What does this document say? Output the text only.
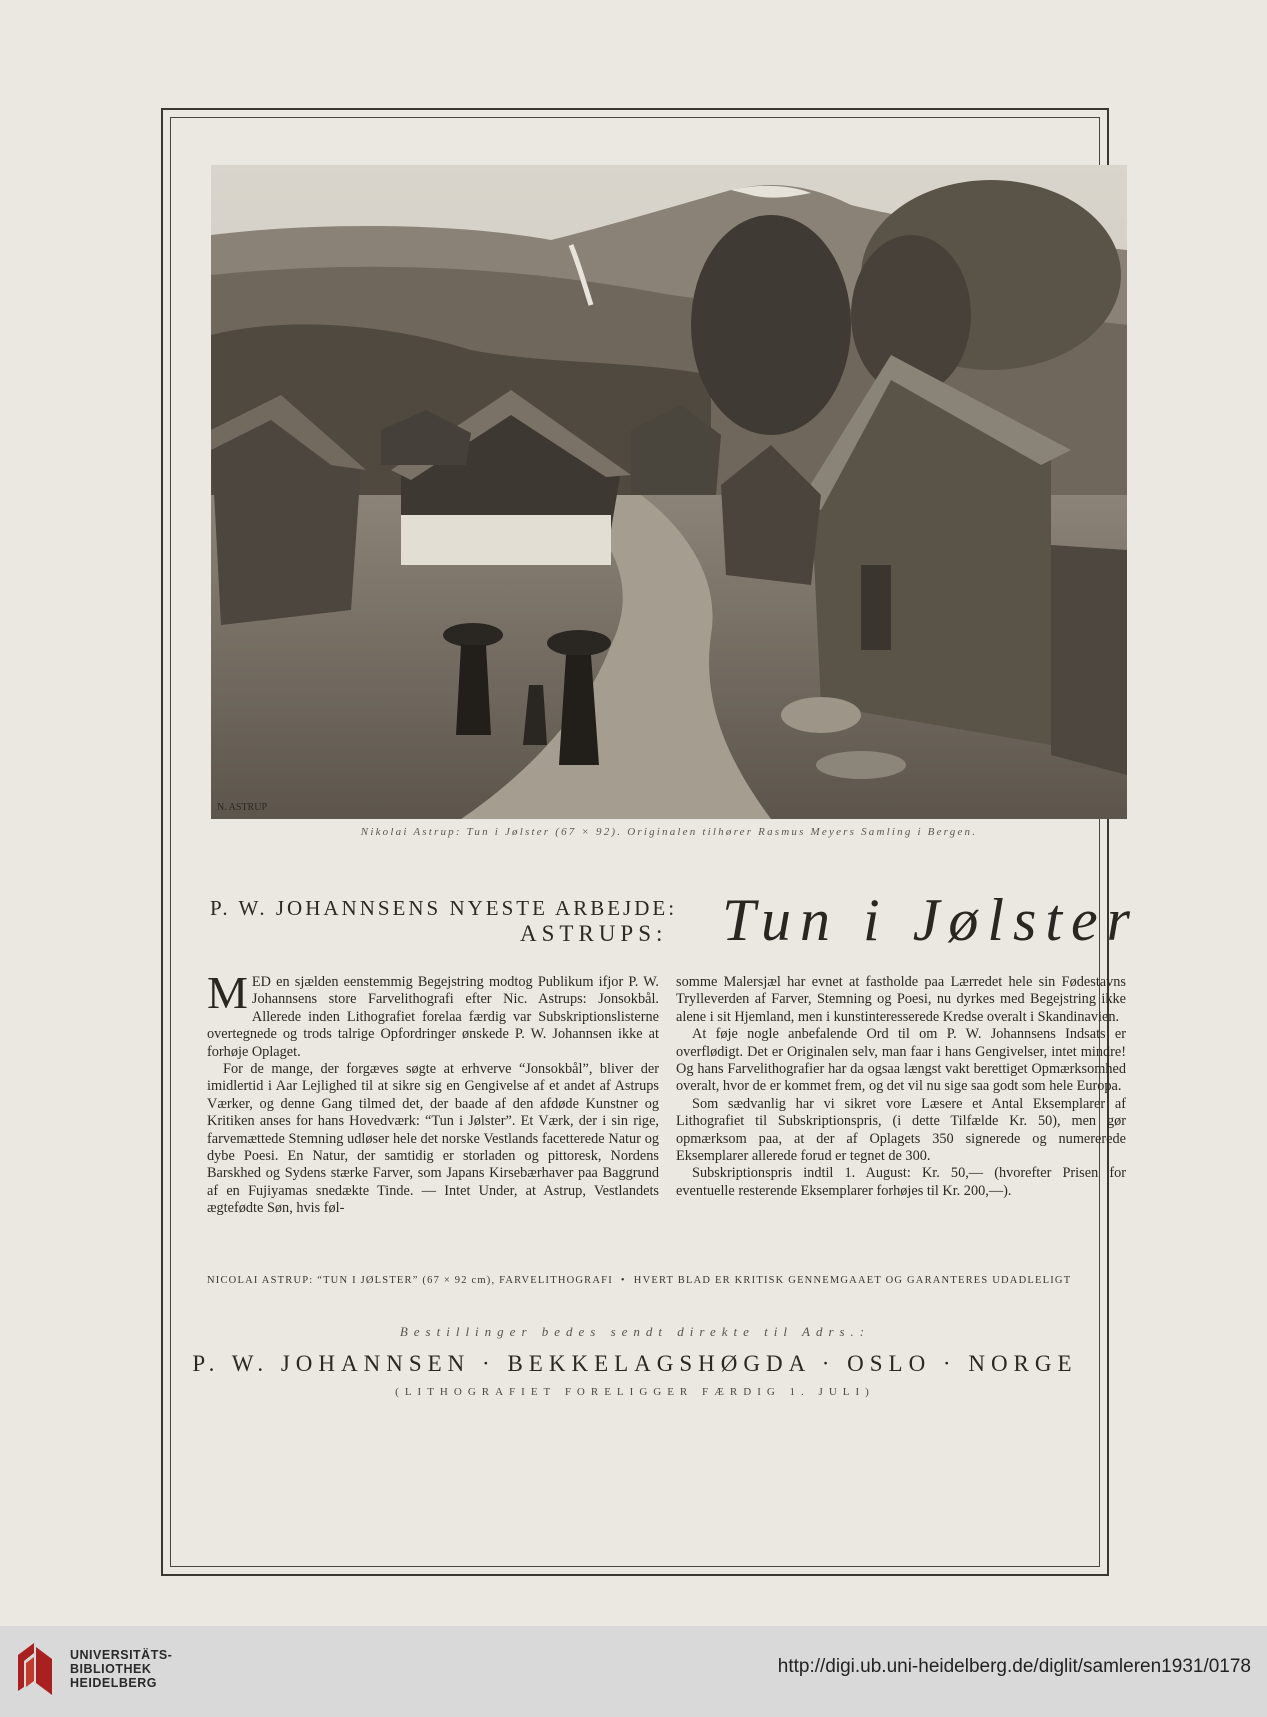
N. ASTRUP
Nikolai Astrup: Tun i Jølster (67 × 92). Originalen tilhører Rasmus Meyers Samling i Bergen.
P. W. JOHANNSENS NYESTE ARBEJDE:
ASTRUPS: Tun i Jølster

MED en sjælden eenstemmig Begejstring modtog Publikum ifjor P. W. Johannsens store Farvelithografi efter Nic. Astrups: Jonsokbål. Allerede inden Lithografiet forelaa færdig var Subskriptionslisterne overtegnede og trods talrige Opfordringer ønskede P. W. Johannsen ikke at forhøje Oplaget.

For de mange, der forgæves søgte at erhverve “Jonsokbål”, bliver der imidlertid i Aar Lejlighed til at sikre sig en Gengivelse af et andet af Astrups Værker, og denne Gang tilmed det, der baade af den afdøde Kunstner og Kritiken anses for hans Hovedværk: “Tun i Jølster”. Et Værk, der i sin rige, farvemættede Stemning udløser hele det norske Vestlands facetterede Natur og dybe Poesi. En Natur, der samtidig er storladen og pittoresk, Nordens Barskhed og Sydens stærke Farver, som Japans Kirsebærhaver paa Baggrund af en Fujiyamas snedækte Tinde. — Intet Under, at Astrup, Vestlandets ægtefødte Søn, hvis føl-

somme Malersjæl har evnet at fastholde paa Lærredet hele sin Fødestavns Trylleverden af Farver, Stemning og Poesi, nu dyrkes med Begejstring ikke alene i sit Hjemland, men i kunstinteresserede Kredse overalt i Skandinavien.

At føje nogle anbefalende Ord til om P. W. Johannsens Indsats er overflødigt. Det er Originalen selv, man faar i hans Gengivelser, intet mindre! Og hans Farvelithografier har da ogsaa længst vakt berettiget Opmærksomhed overalt, hvor de er kommet frem, og det vil nu sige saa godt som hele Europa.

Som sædvanlig har vi sikret vore Læsere et Antal Eksemplarer af Lithografiet til Subskriptionspris, (i dette Tilfælde Kr. 50), men gør opmærksom paa, at der af Oplagets 350 signerede og numererede Eksemplarer allerede forud er tegnet de 300.

Subskriptionspris indtil 1. August: Kr. 50,— (hvorefter Prisen for eventuelle resterende Eksemplarer forhøjes til Kr. 200,—).

NICOLAI ASTRUP: “TUN I JØLSTER” (67 × 92 cm), FARVELITHOGRAFI • HVERT BLAD ER KRITISK GENNEMGAAET OG GARANTERES UDADLELIGT
Bestillinger bedes sendt direkte til Adrs.:
P. W. JOHANNSEN · BEKKELAGSHØGDA · OSLO · NORGE
(LITHOGRAFIET FORELIGGER FÆRDIG 1. JULI)
UNIVERSITÄTS-
BIBLIOTHEK
HEIDELBERG
http://digi.ub.uni-heidelberg.de/diglit/samleren1931/0178
